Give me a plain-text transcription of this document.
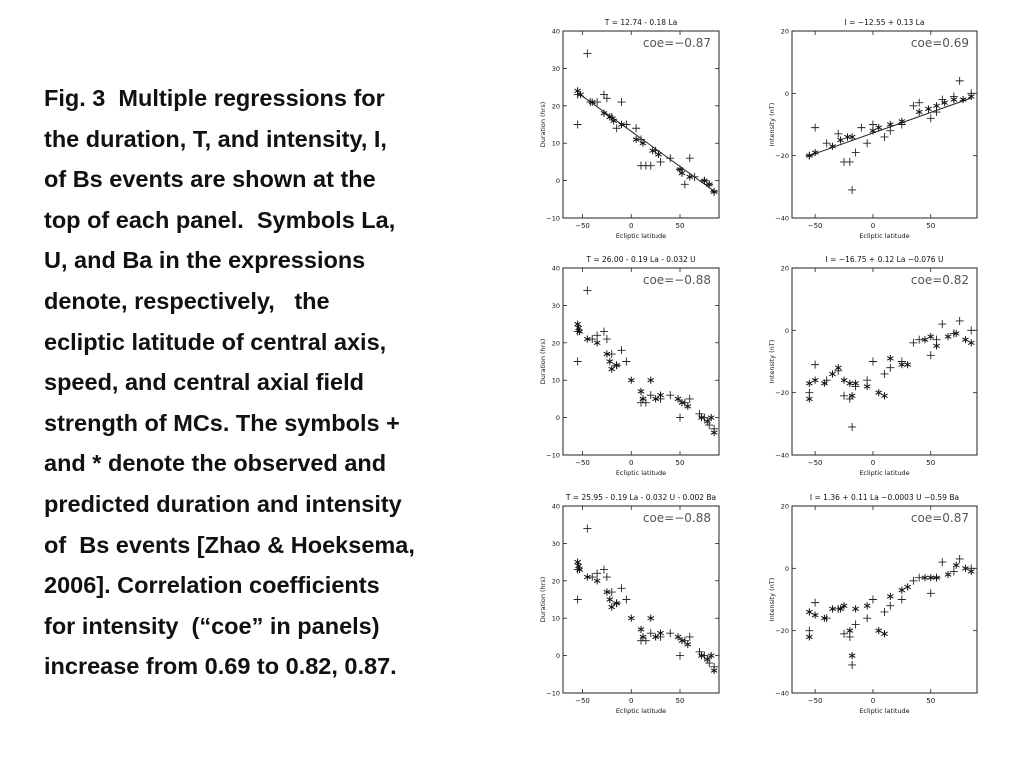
Fig. 3  Multiple regressions for
the duration, T, and intensity, I,
of Bs events are shown at the
top of each panel.  Symbols La,
U, and Ba in the expressions
denote, respectively,   the
ecliptic latitude of central axis,
speed, and central axial field
strength of MCs. The symbols +
and * denote the observed and
predicted duration and intensity
of  Bs events [Zhao & Hoeksema,
2006]. Correlation coefficients
for intensity  (“coe” in panels)
increase from 0.69 to 0.82, 0.87.
T = 12.74 - 0.18 La
coe=−0.87
−50	0	50
−10
0
10
20
30
40
Ecliptic latitude
Duration (hrs)
I = −12.55 + 0.13 La
coe=0.69
−50	0	50
−40
−20
0
20
Ecliptic latitude
Intensity (nT)
T = 26.00 - 0.19 La - 0.032 U
coe=−0.88
−50	0	50
−10
0
10
20
30
40
Ecliptic latitude
Duration (hrs)
I = −16.75 + 0.12 La −0.076 U
coe=0.82
−50	0	50
−40
−20
0
20
Ecliptic latitude
Intensity (nT)
T = 25.95 - 0.19 La - 0.032 U - 0.002 Ba
coe=−0.88
−50	0	50
−10
0
10
20
30
40
Ecliptic latitude
Duration (hrs)
I = 1.36 + 0.11 La −0.0003 U −0.59 Ba
coe=0.87
−50	0	50
−40
−20
0
20
Ecliptic latitude
Intensity (nT)
